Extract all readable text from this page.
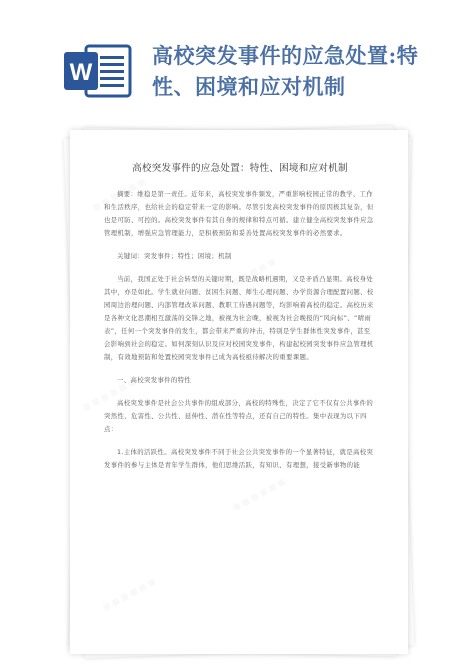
W
高校突发事件的应急处置:特性、困境和应对机制
▦ ▦ ▦ ▦ ▦ ▦
▦ ▦ ▦ ▦ ▦ ▦
▦ ▦ ▦ ▦ ▦ ▦
▦ ▦ ▦ ▦ ▦ ▦
▦ ▦ ▦ ▦ ▦ ▦
高校突发事件的应急处置：特性、困境和应对机制
摘要：维稳是第一责任。近年来，高校突发事件频发，严重影响校园正常的教学、工作和生活秩序，也给社会的稳定带来一定的影响。尽管引发高校突发事件的原因极其复杂，但也是可防、可控的。高校突发事件有其自身的规律和特点可循。建立健全高校突发事件应急管理机制，增强应急管理能力，是积极预防和妥善处置高校突发事件的必然要求。
关键词：突发事件；特性；困境；机制
当前，我国正处于社会转型的关键时期，既是战略机遇期，又是矛盾凸显期。高校身处其中，亦是如此。学生就业问题、贫困生问题、师生心理问题、办学资源合理配置问题、校园周边治理问题、内部管理改革问题、教职工待遇问题等，均影响着高校的稳定。高校历来是各种文化思潮相互激荡的交锋之地，被视为社会晚，被视为社会晚报的“风向标”、“晴雨表”，任何一个突发事件的发生，都会带来严重的冲击，特别是学生群体性突发事件，甚至会影响到社会的稳定。如何深刻认识及应对校园突发事件，构建起校园突发事件应急管理机制，有效地预防和处置校园突发事件已成为高校亟待解决的重要课题。
一、高校突发事件的特性
高校突发事件是社会公共事件的组成部分，高校的特殊性，决定了它不仅有公共事件的突然性、危害性、公共性、延伸性、潜在性等特点，还有自己的特性。集中表现为以下四点：
1.主体的活跃性。高校突发事件不同于社会公共突发事件的一个显著特征，就是高校突发事件的参与主体是青年学生群体，他们思维活跃，有知识、有理想，接受新事物的能
